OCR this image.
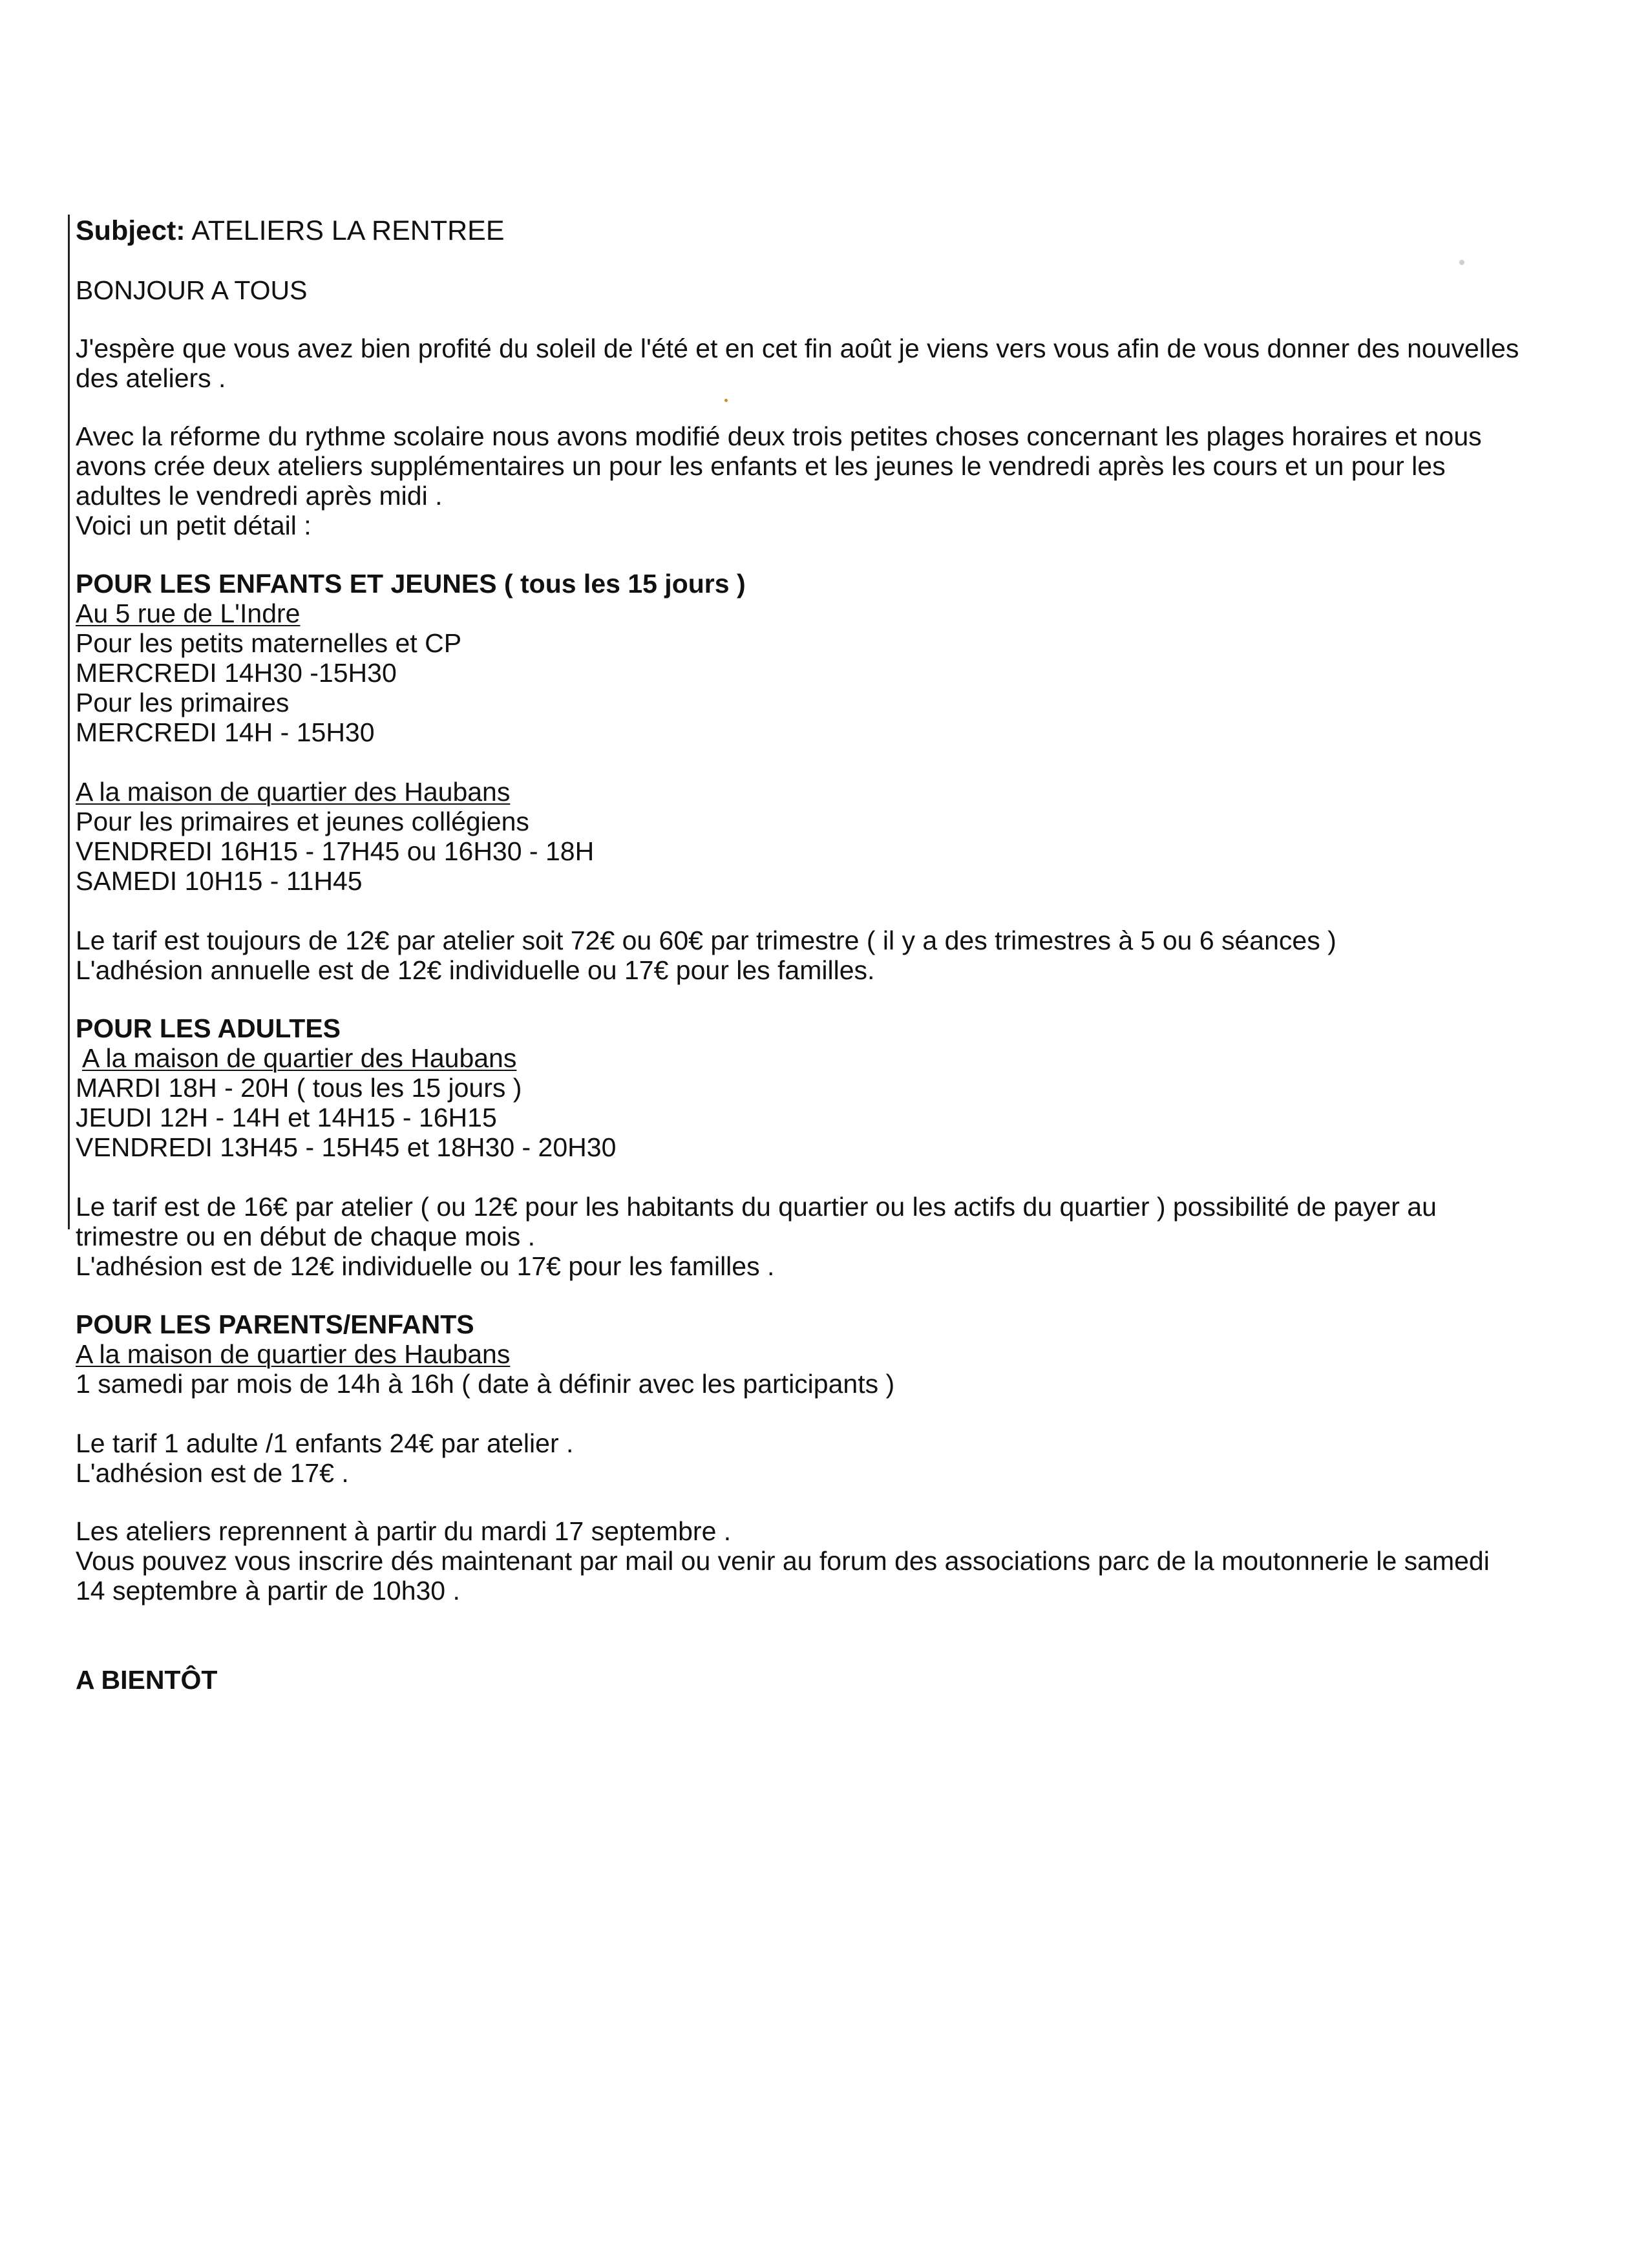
Subject: ATELIERS LA RENTREE
BONJOUR A TOUS
J'espère que vous avez bien profité du soleil de l'été et en cet fin août je viens vers vous afin de vous donner des nouvelles
des ateliers .
Avec la réforme du rythme scolaire nous avons modifié deux trois petites choses concernant les plages horaires et nous
avons crée deux ateliers supplémentaires un pour les enfants et les jeunes le vendredi après les cours et un pour les
adultes le vendredi après midi .
Voici un petit détail :
POUR LES ENFANTS ET JEUNES ( tous les 15 jours )
Au 5 rue de L'Indre
Pour les petits maternelles et CP
MERCREDI 14H30 -15H30
Pour les primaires
MERCREDI 14H - 15H30
A la maison de quartier des Haubans
Pour les primaires et jeunes collégiens
VENDREDI 16H15 - 17H45 ou 16H30 - 18H
SAMEDI 10H15 - 11H45
Le tarif est toujours de 12€ par atelier soit 72€ ou 60€ par trimestre ( il y a des trimestres à 5 ou 6 séances )
L'adhésion annuelle est de 12€ individuelle ou 17€ pour les familles.
POUR LES ADULTES
A la maison de quartier des Haubans
MARDI 18H - 20H ( tous les 15 jours )
JEUDI 12H - 14H et 14H15 - 16H15
VENDREDI 13H45 - 15H45 et 18H30 - 20H30
Le tarif est de 16€ par atelier ( ou 12€ pour les habitants du quartier ou les actifs du quartier ) possibilité de payer au
trimestre ou en début de chaque mois .
L'adhésion est de 12€ individuelle ou 17€ pour les familles .
POUR LES PARENTS/ENFANTS
A la maison de quartier des Haubans
1 samedi par mois de 14h à 16h ( date à définir avec les participants )
Le tarif 1 adulte /1 enfants 24€ par atelier .
L'adhésion est de 17€ .
Les ateliers reprennent à partir du mardi 17 septembre .
Vous pouvez vous inscrire dés maintenant par mail ou venir au forum des associations parc de la moutonnerie le samedi
14 septembre à partir de 10h30 .
A BIENTÔT
